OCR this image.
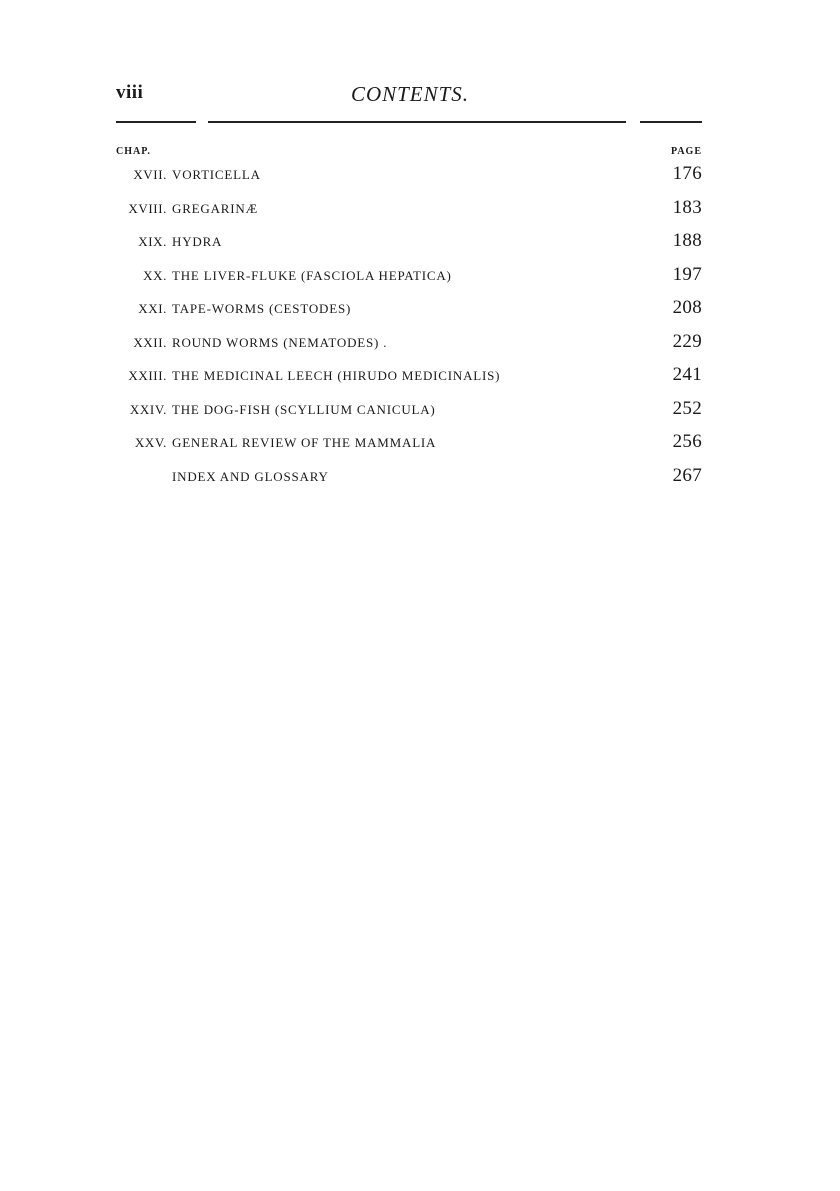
viii	CONTENTS.
CHAP.	PAGE
XVII. VORTICELLA	176
XVIII. GREGARINÆ	183
XIX. HYDRA	188
XX. THE LIVER-FLUKE (FASCIOLA HEPATICA)	197
XXI. TAPE-WORMS (CESTODES)	208
XXII. ROUND WORMS (NEMATODES) .	229
XXIII. THE MEDICINAL LEECH (HIRUDO MEDICINALIS)	241
XXIV. THE DOG-FISH (SCYLLIUM CANICULA)	252
XXV. GENERAL REVIEW OF THE MAMMALIA	256
INDEX AND GLOSSARY	267
